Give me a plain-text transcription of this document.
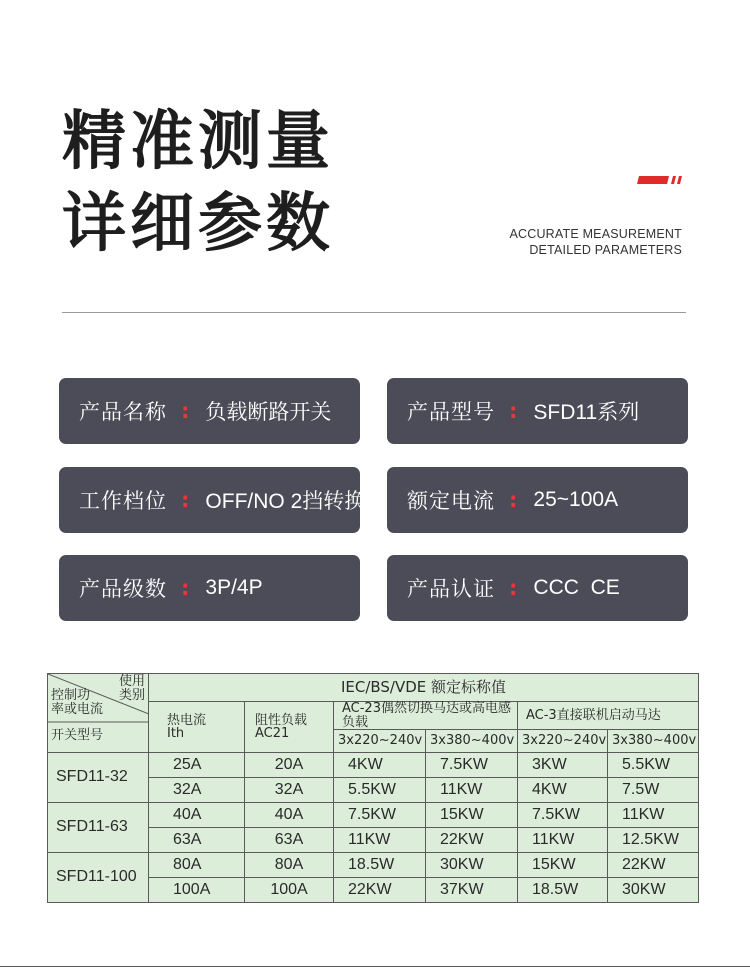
精准测量
详细参数	ACCURATE MEASUREMENT
DETAILED PARAMETERS
产品名称 : 负载断路开关	产品型号 : SFD11系列
工作档位 : OFF/NO 2挡转换 额定电流 : 25~100A
产品级数 : 3P/4P	产品认证 : CCC  CE
使用
类别
控制功
率或电流
开关型号	IEC/BS/VDE 额定标称值					
	热电流
Ith	阻性负载
AC21	AC-23偶然切换马达或高电感负载		AC-3直接联机启动马达	
			3x220~240v	3x380~400v	3x220~240v	3x380~400v
SFD11-32	25A	20A	4KW	7.5KW	3KW	5.5KW
	32A	32A	5.5KW	11KW	4KW	7.5W
SFD11-63	40A	40A	7.5KW	15KW	7.5KW	11KW
	63A	63A	11KW	22KW	11KW	12.5KW
SFD11-100	80A	80A	18.5W	30KW	15KW	22KW
	100A	100A	22KW	37KW	18.5W	30KW
